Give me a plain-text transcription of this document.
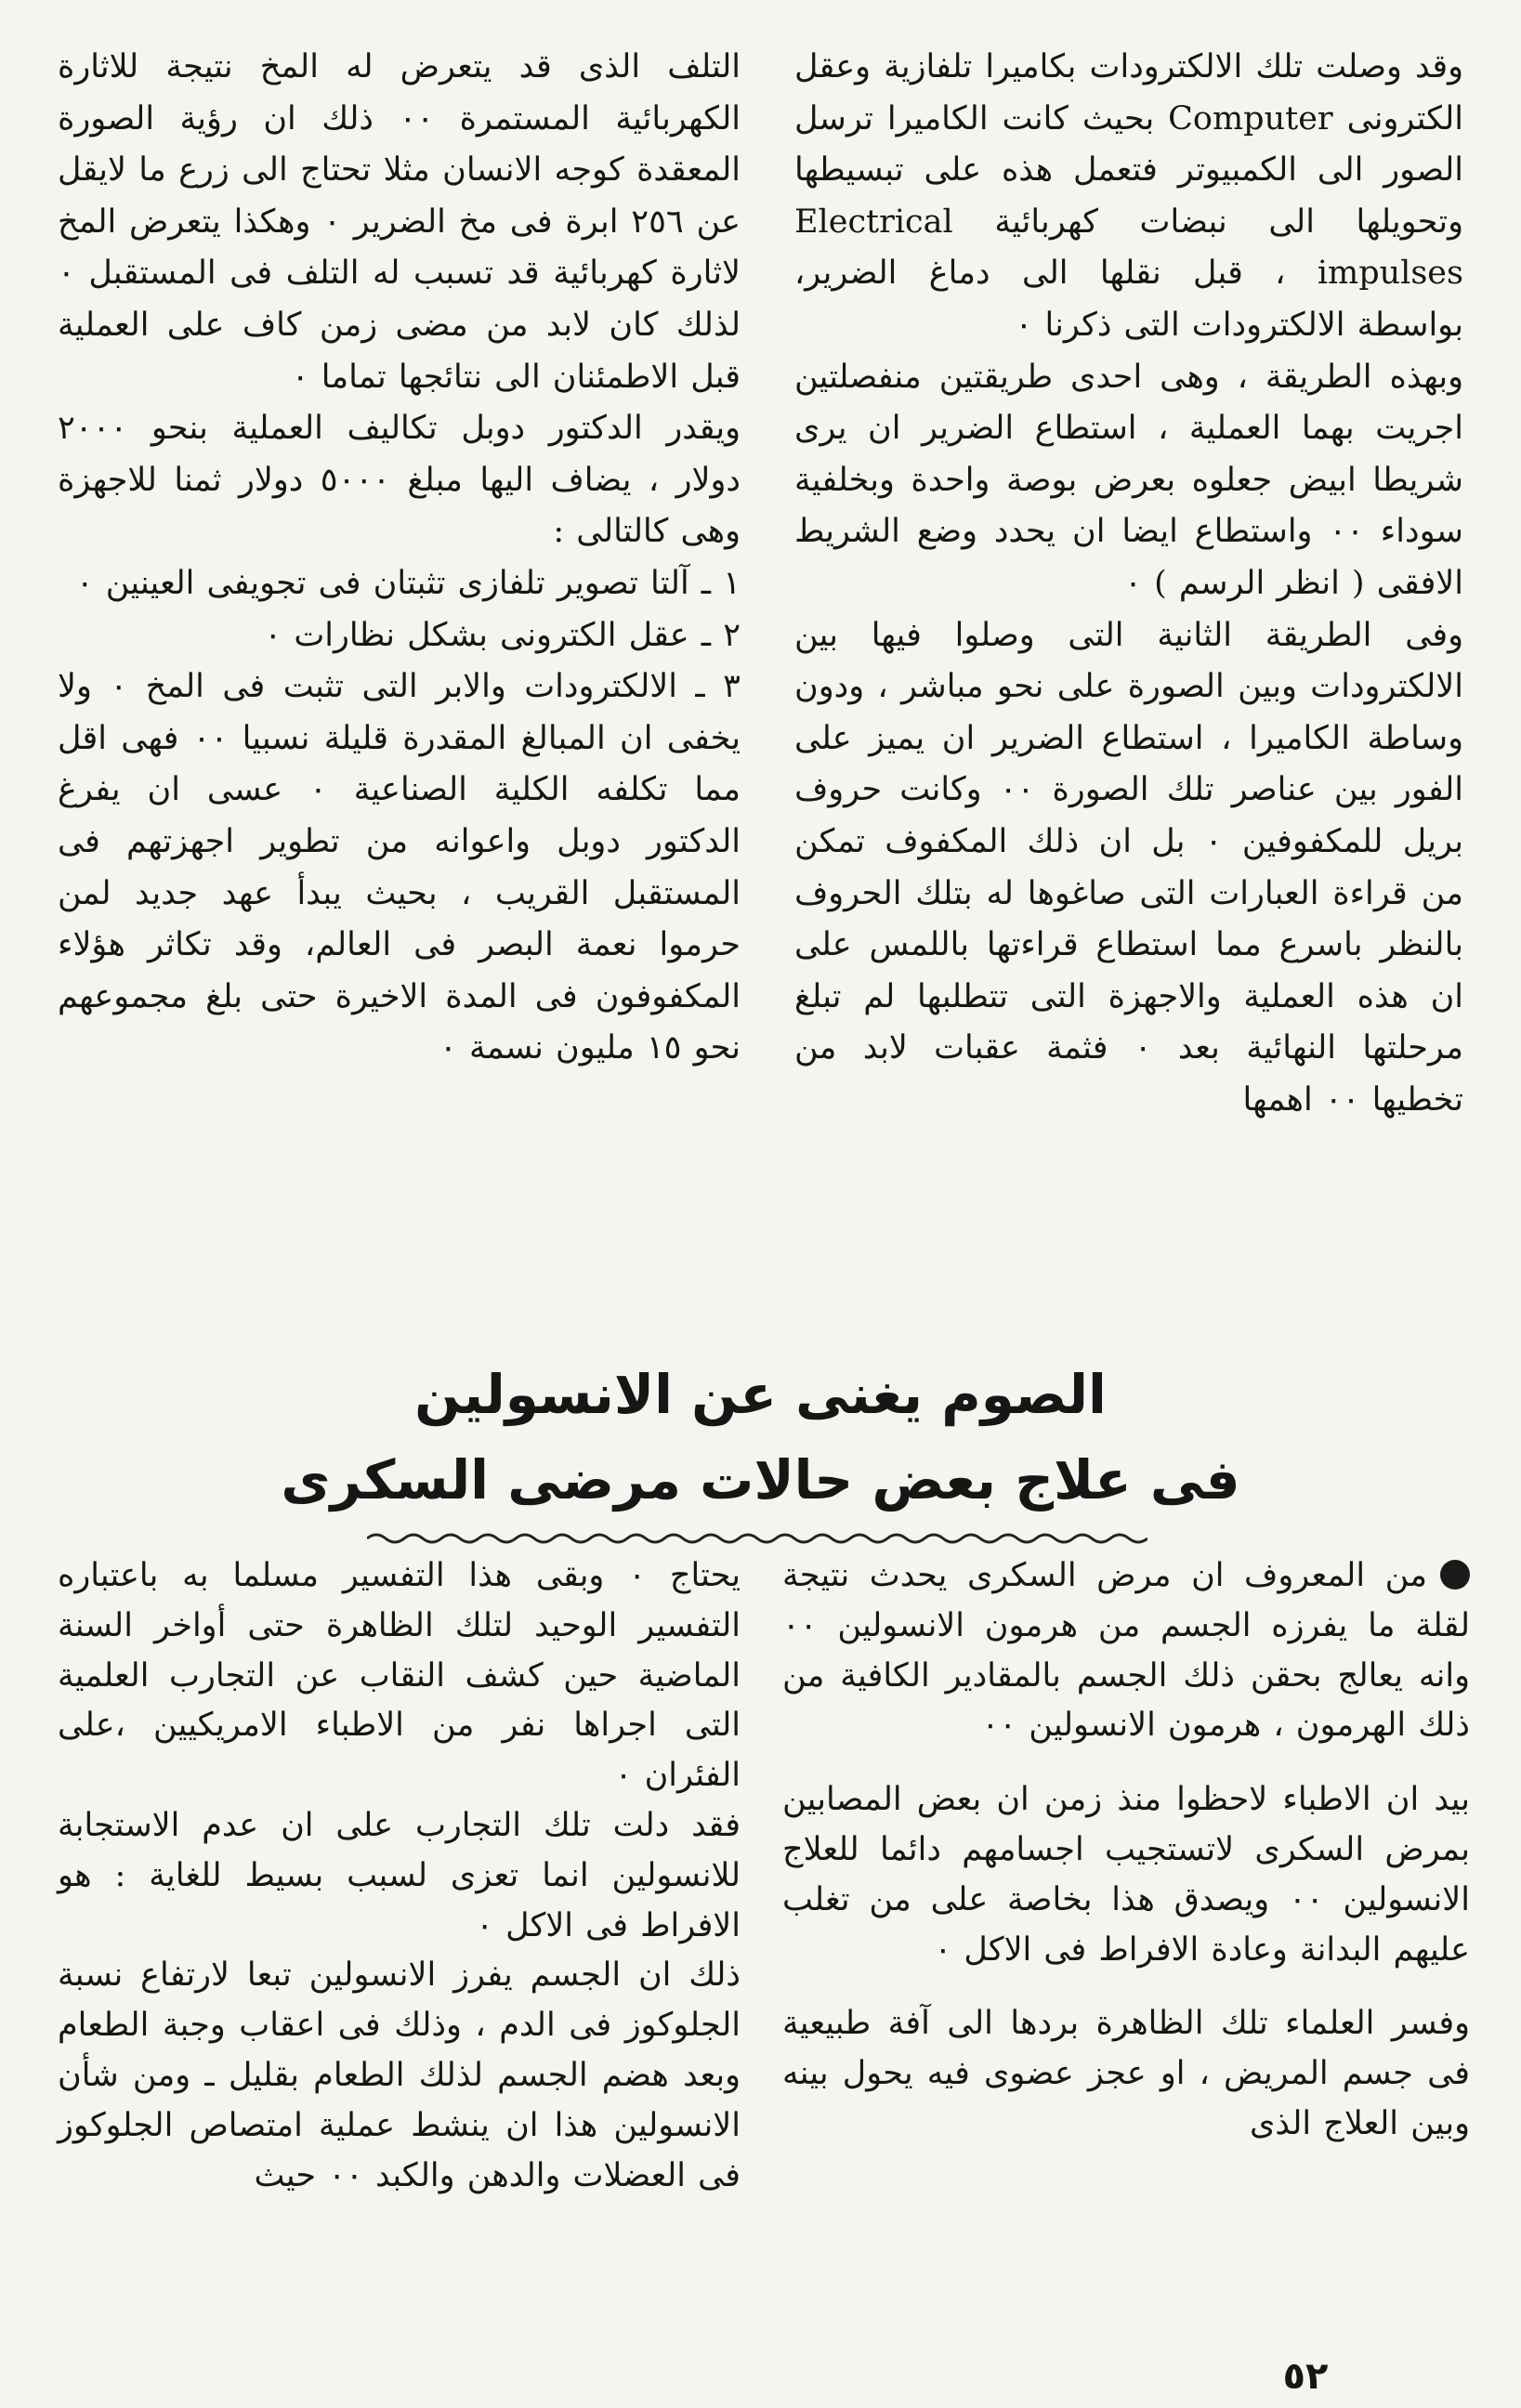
وقد وصلت تلك الالكترودات بكاميرا تلفازية وعقل الكترونى Computer بحيث كانت الكاميرا ترسل الصور الى الكمبيوتر فتعمل هذه على تبسيطها وتحويلها الى نبضات كهربائية Electrical impulses ، قبل نقلها الى دماغ الضرير، بواسطة الالكترودات التى ذكرنا ٠

وبهذه الطريقة ، وهى احدى طريقتين منفصلتين اجريت بهما العملية ، استطاع الضرير ان يرى شريطا ابيض جعلوه بعرض بوصة واحدة وبخلفية سوداء ٠٠ واستطاع ايضا ان يحدد وضع الشريط الافقى ( انظر الرسم ) ٠

وفى الطريقة الثانية التى وصلوا فيها بين الالكترودات وبين الصورة على نحو مباشر ، ودون وساطة الكاميرا ، استطاع الضرير ان يميز على الفور بين عناصر تلك الصورة ٠٠ وكانت حروف بريل للمكفوفين ٠ بل ان ذلك المكفوف تمكن من قراءة العبارات التى صاغوها له بتلك الحروف بالنظر باسرع مما استطاع قراءتها باللمس على ان هذه العملية والاجهزة التى تتطلبها لم تبلغ مرحلتها النهائية بعد ٠ فثمة عقبات لابد من تخطيها ٠٠ اهمها

التلف الذى قد يتعرض له المخ نتيجة للاثارة الكهربائية المستمرة ٠٠ ذلك ان رؤية الصورة المعقدة كوجه الانسان مثلا تحتاج الى زرع ما لايقل عن ٢٥٦ ابرة فى مخ الضرير ٠ وهكذا يتعرض المخ لاثارة كهربائية قد تسبب له التلف فى المستقبل ٠ لذلك كان لابد من مضى زمن كاف على العملية قبل الاطمئنان الى نتائجها تماما ٠

ويقدر الدكتور دوبل تكاليف العملية بنحو ٢٠٠٠ دولار ، يضاف اليها مبلغ ٥٠٠٠ دولار ثمنا للاجهزة وهى كالتالى :

١ ـ آلتا تصوير تلفازى تثبتان فى تجويفى العينين ٠

٢ ـ عقل الكترونى بشكل نظارات ٠

٣ ـ الالكترودات والابر التى تثبت فى المخ ٠ ولا يخفى ان المبالغ المقدرة قليلة نسبيا ٠٠ فهى اقل مما تكلفه الكلية الصناعية ٠ عسى ان يفرغ الدكتور دوبل واعوانه من تطوير اجهزتهم فى المستقبل القريب ، بحيث يبدأ عهد جديد لمن حرموا نعمة البصر فى العالم، وقد تكاثر هؤلاء المكفوفون فى المدة الاخيرة حتى بلغ مجموعهم نحو ١٥ مليون نسمة ٠

الصوم يغنى عن الانسولين
فى علاج بعض حالات مرضى السكرى

من المعروف ان مرض السكرى يحدث نتيجة لقلة ما يفرزه الجسم من هرمون الانسولين ٠٠ وانه يعالج بحقن ذلك الجسم بالمقادير الكافية من ذلك الهرمون ، هرمون الانسولين ٠٠

بيد ان الاطباء لاحظوا منذ زمن ان بعض المصابين بمرض السكرى لاتستجيب اجسامهم دائما للعلاج الانسولين ٠٠ ويصدق هذا بخاصة على من تغلب عليهم البدانة وعادة الافراط فى الاكل ٠

وفسر العلماء تلك الظاهرة بردها الى آفة طبيعية فى جسم المريض ، او عجز عضوى فيه يحول بينه وبين العلاج الذى

يحتاج ٠ وبقى هذا التفسير مسلما به باعتباره التفسير الوحيد لتلك الظاهرة حتى أواخر السنة الماضية حين كشف النقاب عن التجارب العلمية التى اجراها نفر من الاطباء الامريكيين ،على الفئران ٠

فقد دلت تلك التجارب على ان عدم الاستجابة للانسولين انما تعزى لسبب بسيط للغاية : هو الافراط فى الاكل ٠

ذلك ان الجسم يفرز الانسولين تبعا لارتفاع نسبة الجلوكوز فى الدم ، وذلك فى اعقاب وجبة الطعام وبعد هضم الجسم لذلك الطعام بقليل ـ ومن شأن الانسولين هذا ان ينشط عملية امتصاص الجلوكوز فى العضلات والدهن والكبد ٠٠ حيث

٥٢
